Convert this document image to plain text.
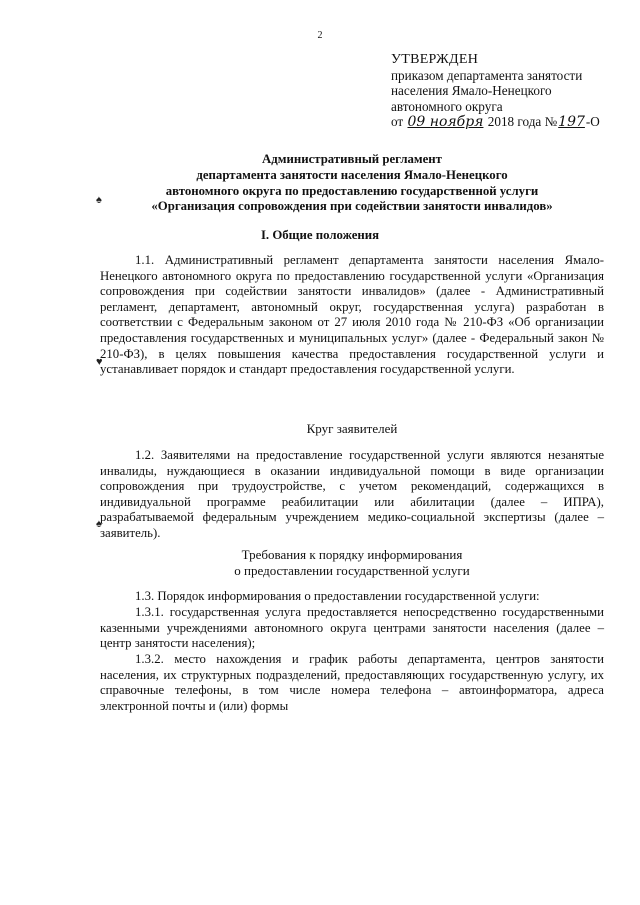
2
УТВЕРЖДЕН
приказом департамента занятости
населения Ямало-Ненецкого
автономного округа
от 09 ноября 2018 года №197-О
Административный регламент
департамента занятости населения Ямало-Ненецкого
автономного округа по предоставлению государственной услуги
«Организация сопровождения при содействии занятости инвалидов»
♠
♥
♠
I. Общие положения
1.1. Административный регламент департамента занятости населения Ямало-Ненецкого автономного округа по предоставлению государственной услуги «Организация сопровождения при содействии занятости инвалидов» (далее - Административный регламент, департамент, автономный округ, государственная услуга) разработан в соответствии с Федеральным законом от 27 июля 2010 года № 210-ФЗ «Об организации предоставления государственных и муниципальных услуг» (далее - Федеральный закон № 210-ФЗ), в целях повышения качества предоставления государственной услуги и устанавливает порядок и стандарт предоставления государственной услуги.
Круг заявителей
1.2. Заявителями на предоставление государственной услуги являются незанятые инвалиды, нуждающиеся в оказании индивидуальной помощи в виде организации сопровождения при трудоустройстве, с учетом рекомендаций, содержащихся в индивидуальной программе реабилитации или абилитации (далее – ИПРА), разрабатываемой федеральным учреждением медико-социальной экспертизы (далее – заявитель).
Требования к порядку информирования
о предоставлении государственной услуги
1.3. Порядок информирования о предоставлении государственной услуги:
1.3.1. государственная услуга предоставляется непосредственно государственными казенными учреждениями автономного округа центрами занятости населения (далее – центр занятости населения);
1.3.2. место нахождения и график работы департамента, центров занятости населения, их структурных подразделений, предоставляющих государственную услугу, их справочные телефоны, в том числе номера телефона – автоинформатора, адреса электронной почты и (или) формы
